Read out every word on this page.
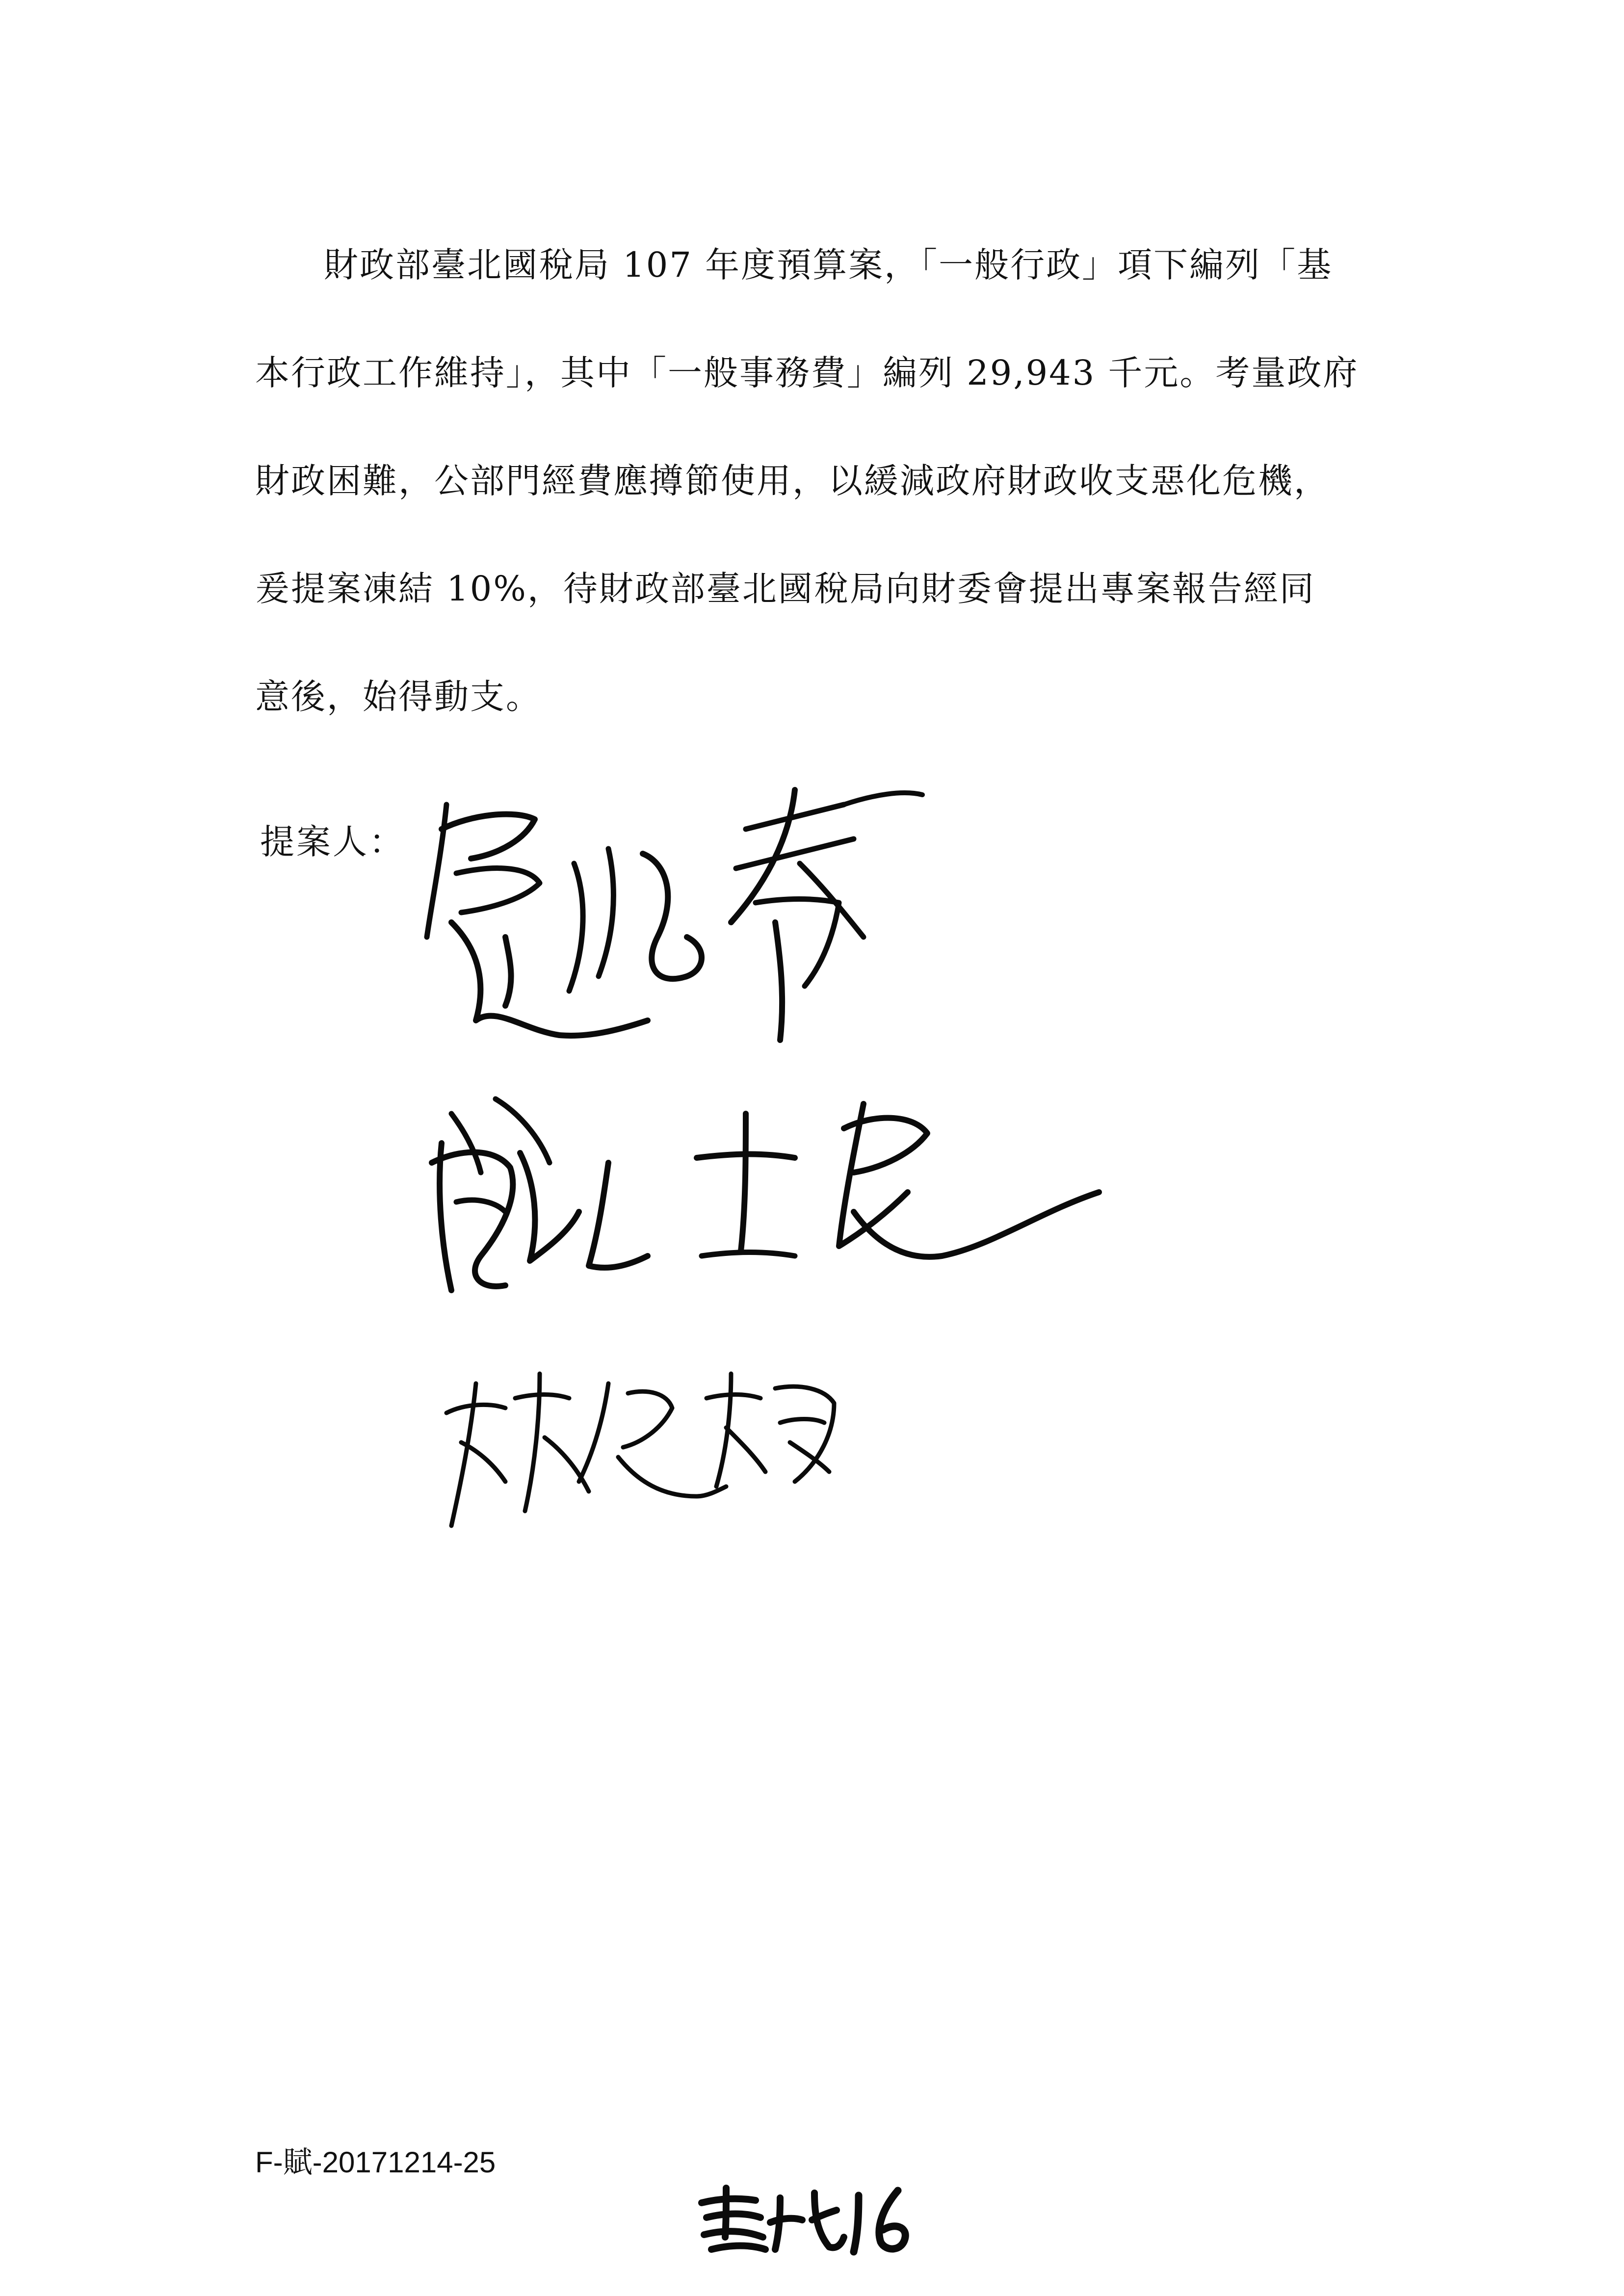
財政部臺北國稅局 107 年度預算案，「一般行政」項下編列「基
本行政工作維持」，其中「一般事務費」編列 29,943 千元。考量政府
財政困難，公部門經費應撙節使用，以緩減政府財政收支惡化危機，
爰提案凍結 10%，待財政部臺北國稅局向財委會提出專案報告經同
意後，始得動支。
提案人：
F-賦-20171214-25
